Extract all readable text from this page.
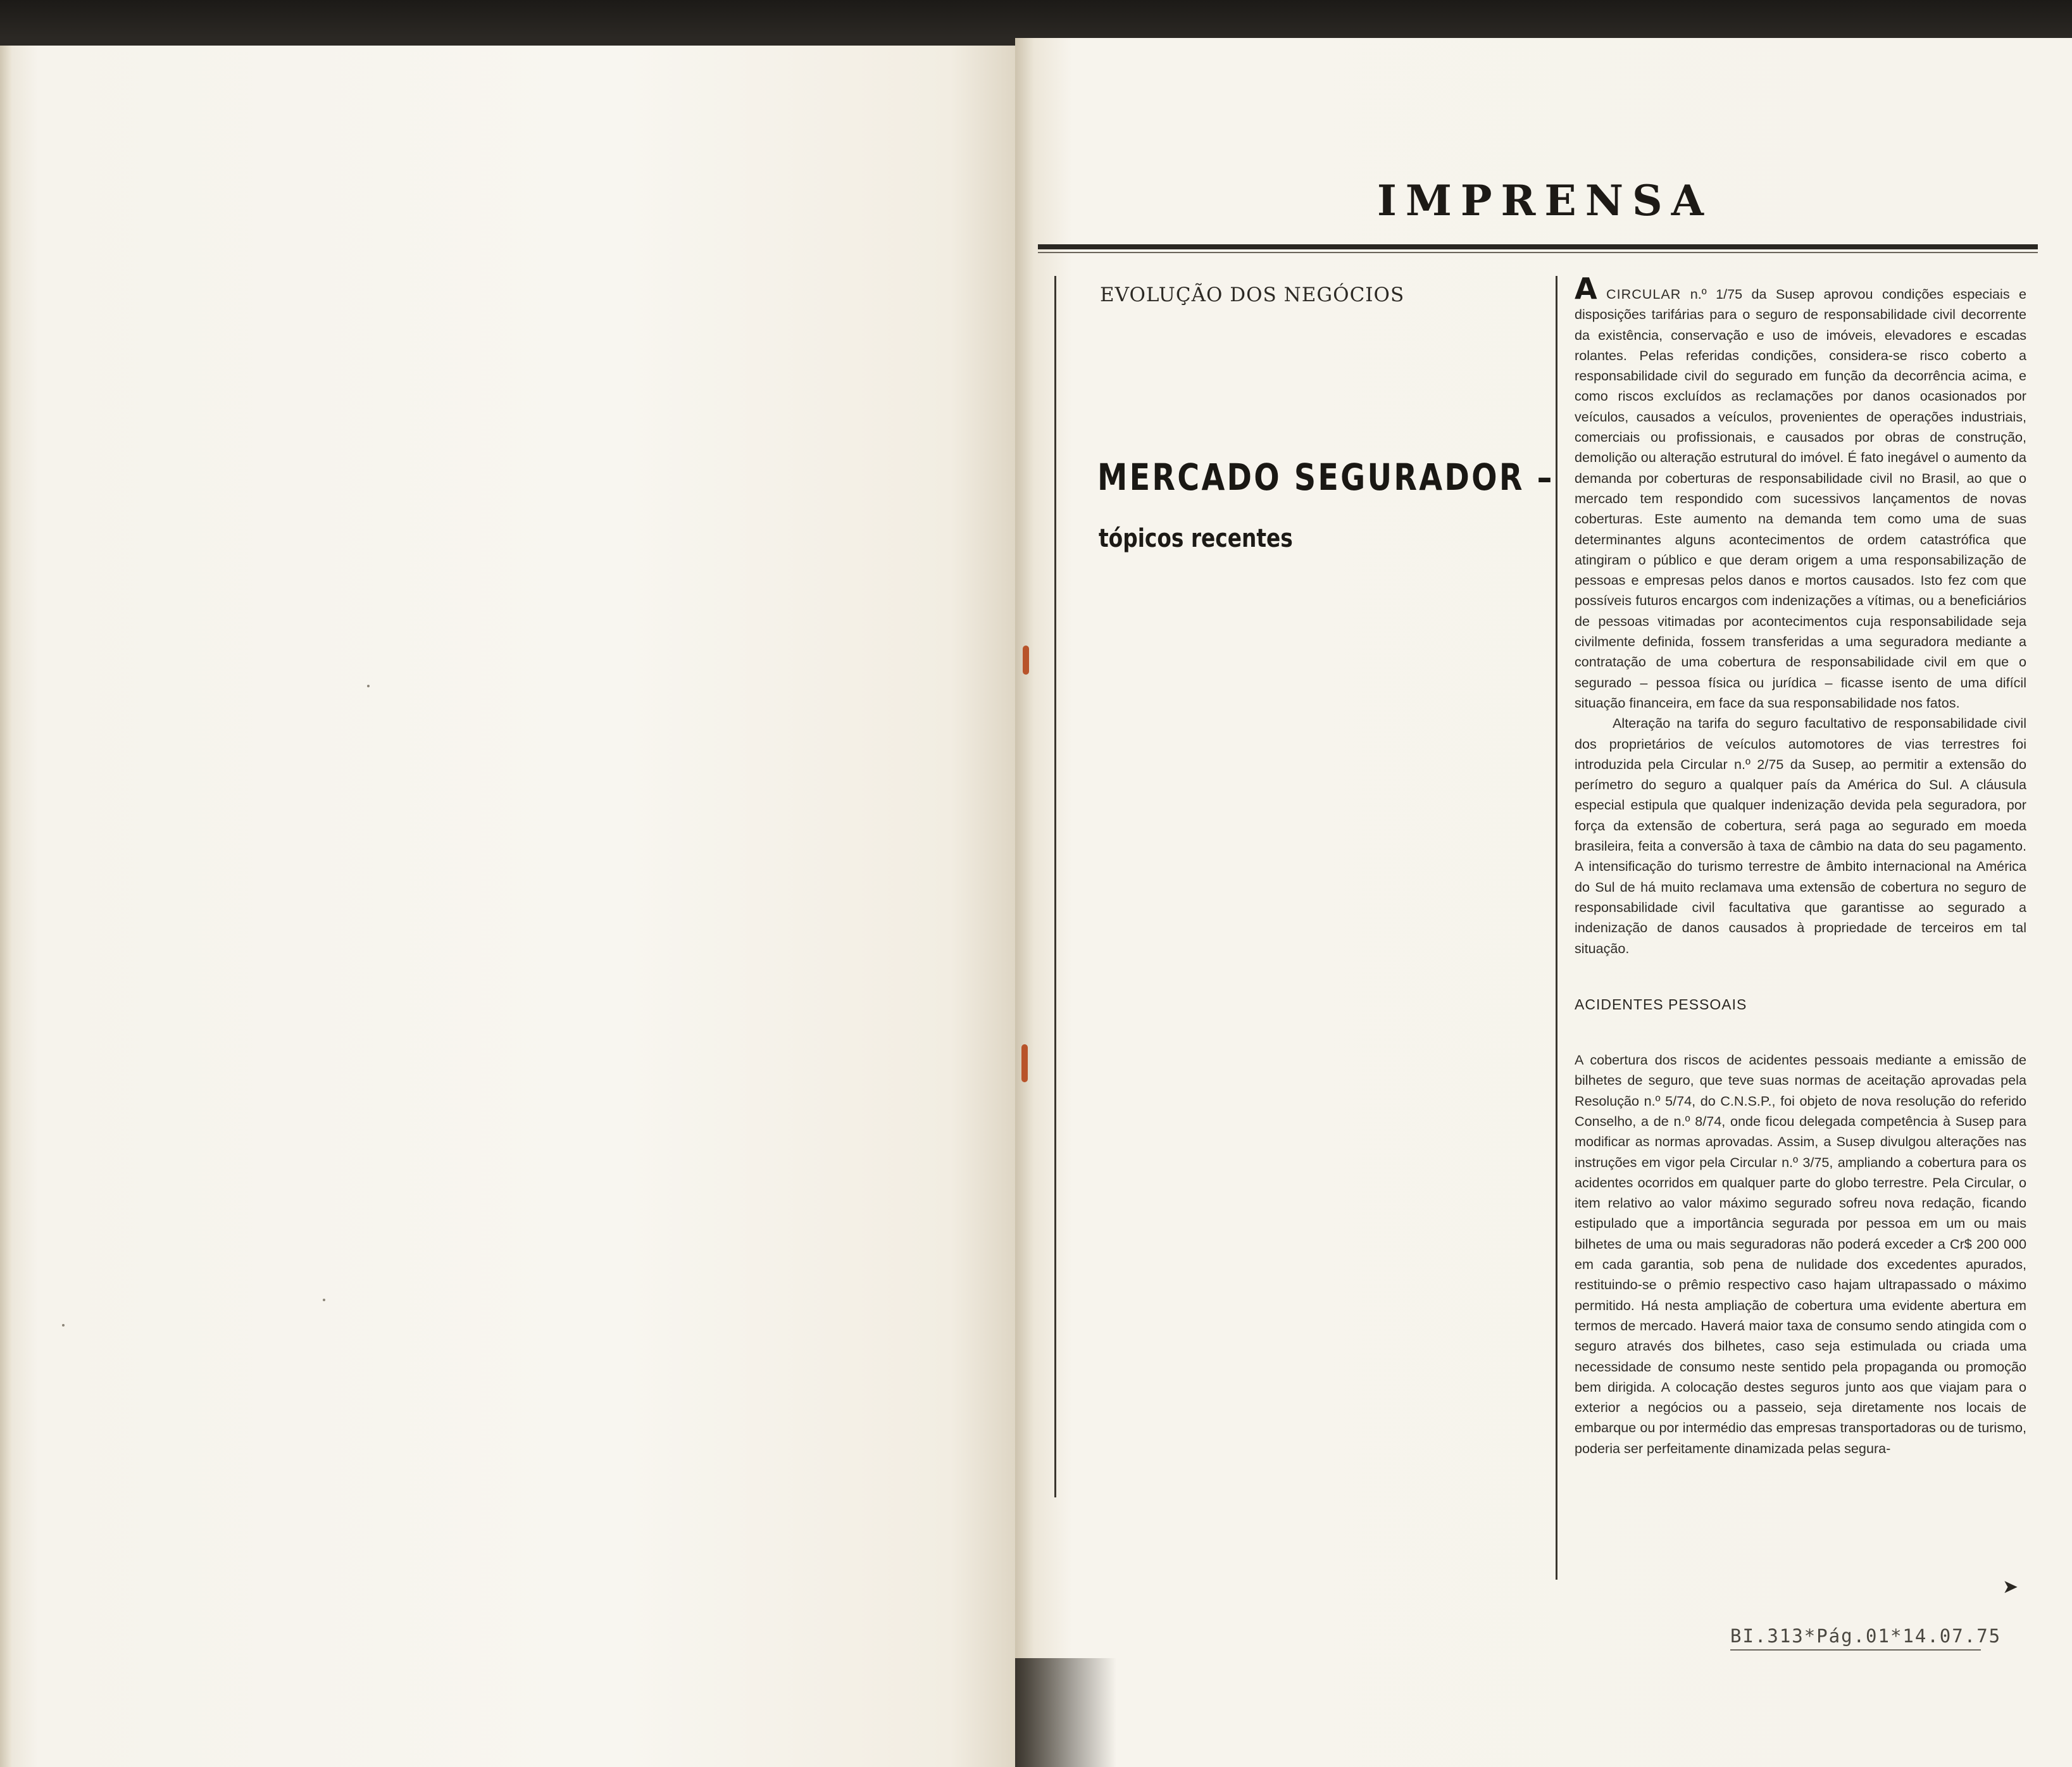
IMPRENSA
EVOLUÇÃO DOS NEGÓCIOS
MERCADO SEGURADOR –
tópicos recentes

A CIRCULAR n.º 1/75 da Susep aprovou condições especiais e disposições tarifárias para o seguro de responsabilidade civil decorrente da existência, conservação e uso de imóveis, elevadores e escadas rolantes. Pelas referidas condições, considera-se risco coberto a responsabilidade civil do segurado em função da decorrência acima, e como riscos excluídos as reclamações por danos ocasionados por veículos, causados a veículos, provenientes de operações industriais, comerciais ou profissionais, e causados por obras de construção, demolição ou alteração estrutural do imóvel. É fato inegável o aumento da demanda por coberturas de responsabilidade civil no Brasil, ao que o mercado tem respondido com sucessivos lançamentos de novas coberturas. Este aumento na demanda tem como uma de suas determinantes alguns acontecimentos de ordem catastrófica que atingiram o público e que deram origem a uma responsabilização de pessoas e empresas pelos danos e mortos causados. Isto fez com que possíveis futuros encargos com indenizações a vítimas, ou a beneficiários de pessoas vitimadas por acontecimentos cuja responsabilidade seja civilmente definida, fossem transferidas a uma seguradora mediante a contratação de uma cobertura de responsabilidade civil em que o segurado – pessoa física ou jurídica – ficasse isento de uma difícil situação financeira, em face da sua responsabilidade nos fatos.

Alteração na tarifa do seguro facultativo de responsabilidade civil dos proprietários de veículos automotores de vias terrestres foi introduzida pela Circular n.º 2/75 da Susep, ao permitir a extensão do perímetro do seguro a qualquer país da América do Sul. A cláusula especial estipula que qualquer indenização devida pela seguradora, por força da extensão de cobertura, será paga ao segurado em moeda brasileira, feita a conversão à taxa de câmbio na data do seu pagamento. A intensificação do turismo terrestre de âmbito internacional na América do Sul de há muito reclamava uma extensão de cobertura no seguro de responsabilidade civil facultativa que garantisse ao segurado a indenização de danos causados à propriedade de terceiros em tal situação.

ACIDENTES PESSOAIS

A cobertura dos riscos de acidentes pessoais mediante a emissão de bilhetes de seguro, que teve suas normas de aceitação aprovadas pela Resolução n.º 5/74, do C.N.S.P., foi objeto de nova resolução do referido Conselho, a de n.º 8/74, onde ficou delegada competência à Susep para modificar as normas aprovadas. Assim, a Susep divulgou alterações nas instruções em vigor pela Circular n.º 3/75, ampliando a cobertura para os acidentes ocorridos em qualquer parte do globo terrestre. Pela Circular, o item relativo ao valor máximo segurado sofreu nova redação, ficando estipulado que a importância segurada por pessoa em um ou mais bilhetes de uma ou mais seguradoras não poderá exceder a Cr$ 200 000 em cada garantia, sob pena de nulidade dos excedentes apurados, restituindo-se o prêmio respectivo caso hajam ultrapassado o máximo permitido. Há nesta ampliação de cobertura uma evidente abertura em termos de mercado. Haverá maior taxa de consumo sendo atingida com o seguro através dos bilhetes, caso seja estimulada ou criada uma necessidade de consumo neste sentido pela propaganda ou promoção bem dirigida. A colocação destes seguros junto aos que viajam para o exterior a negócios ou a passeio, seja diretamente nos locais de embarque ou por intermédio das empresas transportadoras ou de turismo, poderia ser perfeitamente dinamizada pelas segura-

➤
BI.313*Pág.01*14.07.75
